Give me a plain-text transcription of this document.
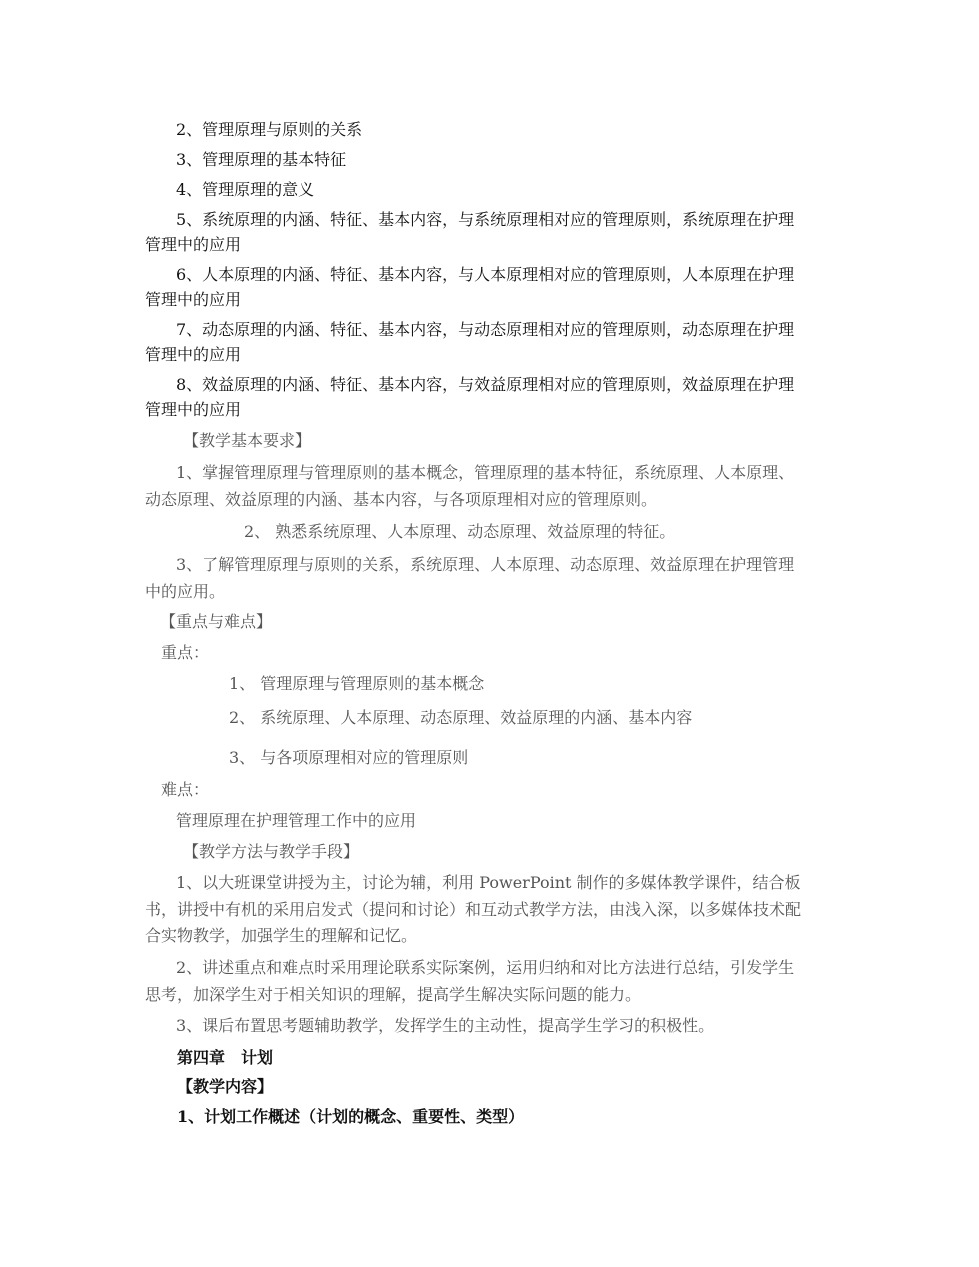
2、管理原理与原则的关系
3、管理原理的基本特征
4、管理原理的意义
5、系统原理的内涵、特征、基本内容，与系统原理相对应的管理原则，系统原理在护理
管理中的应用
6、人本原理的内涵、特征、基本内容，与人本原理相对应的管理原则，人本原理在护理
管理中的应用
7、动态原理的内涵、特征、基本内容，与动态原理相对应的管理原则，动态原理在护理
管理中的应用
8、效益原理的内涵、特征、基本内容，与效益原理相对应的管理原则，效益原理在护理
管理中的应用
【教学基本要求】
1、掌握管理原理与管理原则的基本概念，管理原理的基本特征，系统原理、人本原理、
动态原理、效益原理的内涵、基本内容，与各项原理相对应的管理原则。
2、 熟悉系统原理、人本原理、动态原理、效益原理的特征。
3、了解管理原理与原则的关系，系统原理、人本原理、动态原理、效益原理在护理管理
中的应用。
【重点与难点】
重点：
1、 管理原理与管理原则的基本概念
2、 系统原理、人本原理、动态原理、效益原理的内涵、基本内容
3、 与各项原理相对应的管理原则
难点：
管理原理在护理管理工作中的应用
【教学方法与教学手段】
1、以大班课堂讲授为主，讨论为辅，利用 PowerPoint 制作的多媒体教学课件，结合板
书，讲授中有机的采用启发式（提问和讨论）和互动式教学方法，由浅入深，以多媒体技术配
合实物教学，加强学生的理解和记忆。
2、讲述重点和难点时采用理论联系实际案例，运用归纳和对比方法进行总结，引发学生
思考，加深学生对于相关知识的理解，提高学生解决实际问题的能力。
3、课后布置思考题辅助教学，发挥学生的主动性，提高学生学习的积极性。
第四章　计划
【教学内容】
1、计划工作概述（计划的概念、重要性、类型）
